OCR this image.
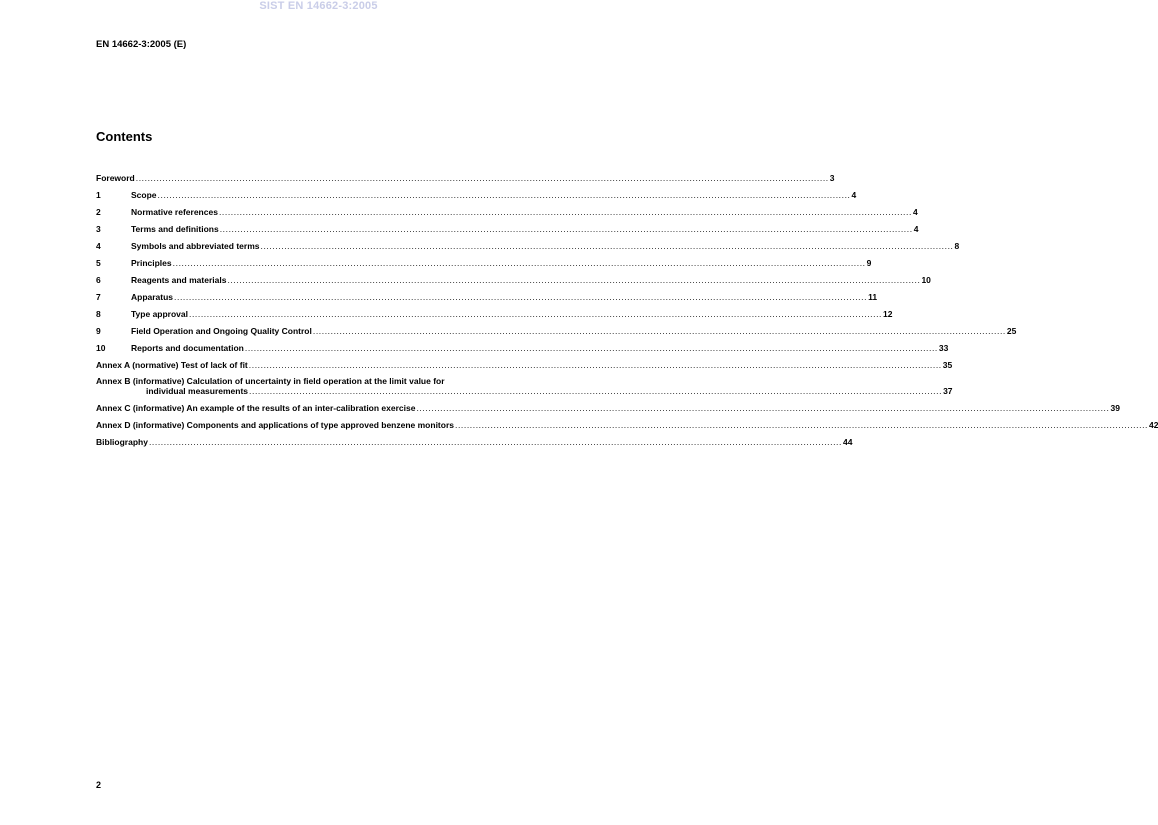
SIST EN 14662-3:2005
EN 14662-3:2005 (E)
Contents
Foreword .....	3
1	Scope .....	4
2	Normative references .....	4
3	Terms and definitions .....	4
4	Symbols and abbreviated terms .....	8
5	Principles .....	9
6	Reagents and materials .....	10
7	Apparatus .....	11
8	Type approval .....	12
9	Field Operation and Ongoing Quality Control .....	25
10	Reports and documentation .....	33
Annex A (normative) Test of lack of fit .....	35
Annex B (informative) Calculation of uncertainty in field operation at the limit value for
individual measurements .....	37
Annex C (informative) An example of the results of an inter-calibration exercise .....	39
Annex D (informative) Components and applications of type approved benzene monitors .....	42
Bibliography .....	44
2
